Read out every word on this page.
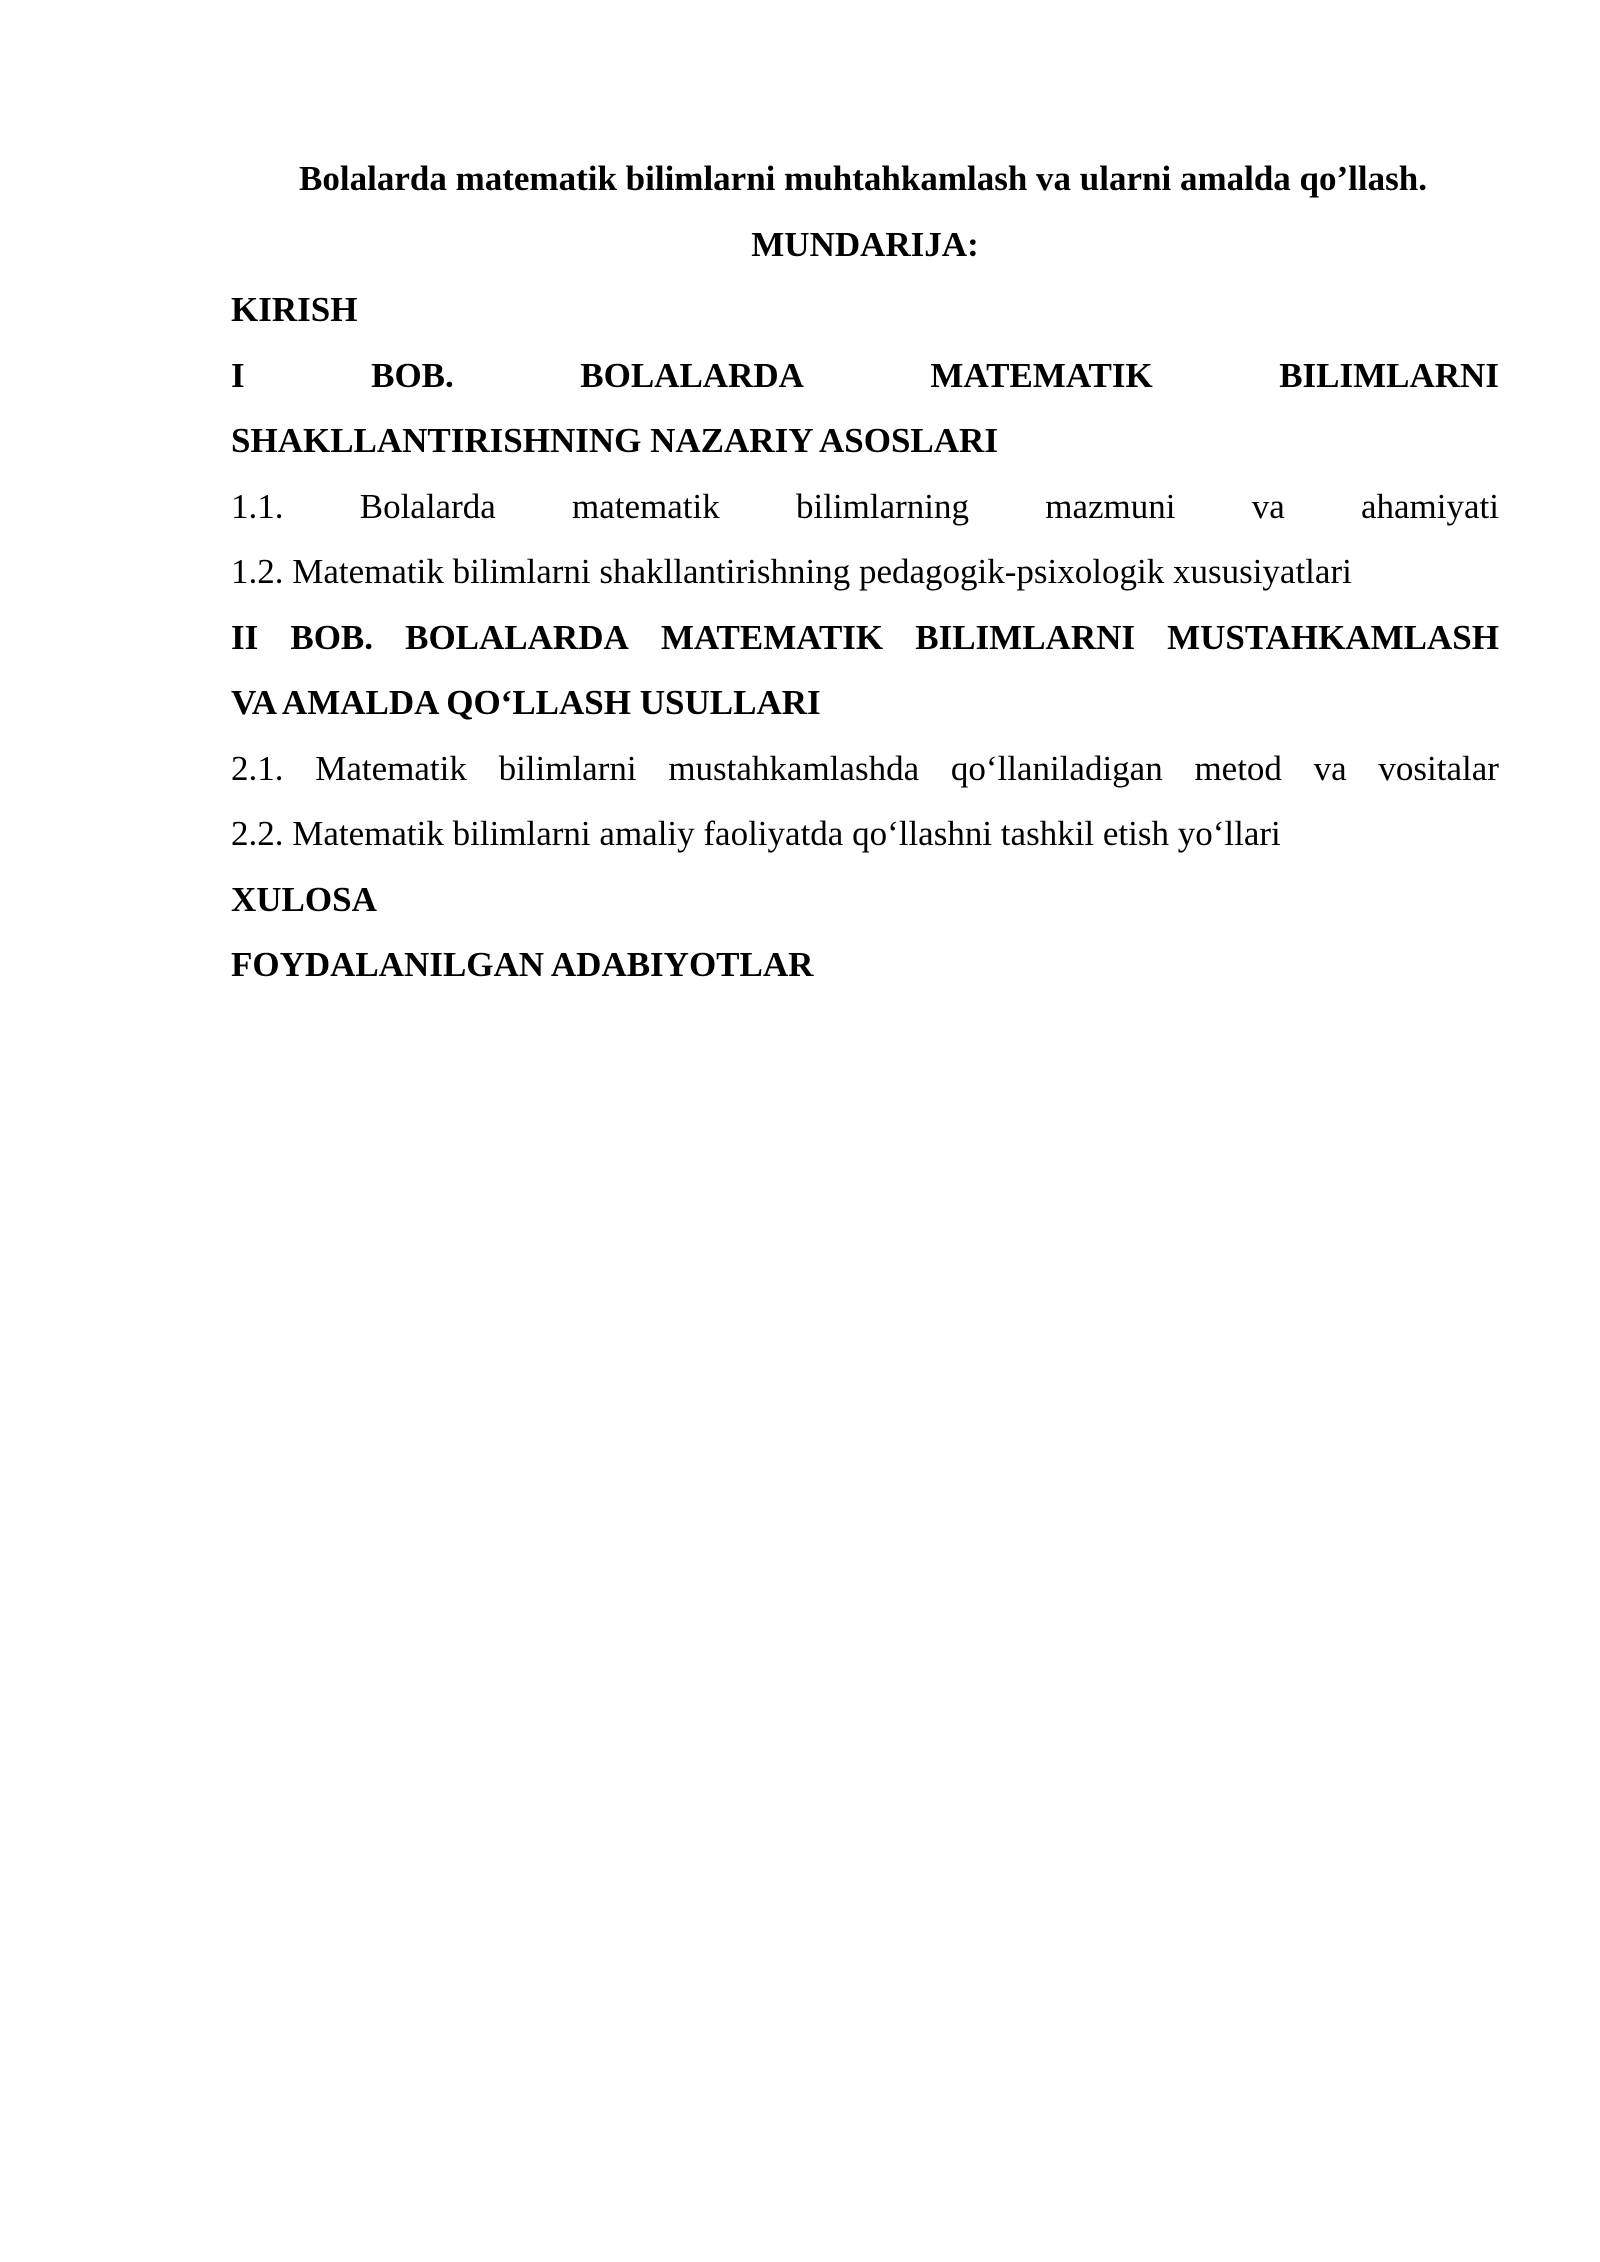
Bolalarda matematik bilimlarni muhtahkamlash va ularni amalda qo’llash.
MUNDARIJA:
KIRISH
I	BOB.	BOLALARDA	MATEMATIK	BILIMLARNI
SHAKLLANTIRISHNING NAZARIY ASOSLARI
1.1. Bolalarda matematik bilimlarning mazmuni va ahamiyati
1.2. Matematik bilimlarni shakllantirishning pedagogik-psixologik xususiyatlari
II BOB. BOLALARDA MATEMATIK BILIMLARNI MUSTAHKAMLASH
VA AMALDA QO‘LLASH USULLARI
2.1. Matematik bilimlarni mustahkamlashda qo‘llaniladigan metod va vositalar
2.2. Matematik bilimlarni amaliy faoliyatda qo‘llashni tashkil etish yo‘llari
XULOSA
FOYDALANILGAN ADABIYOTLAR
